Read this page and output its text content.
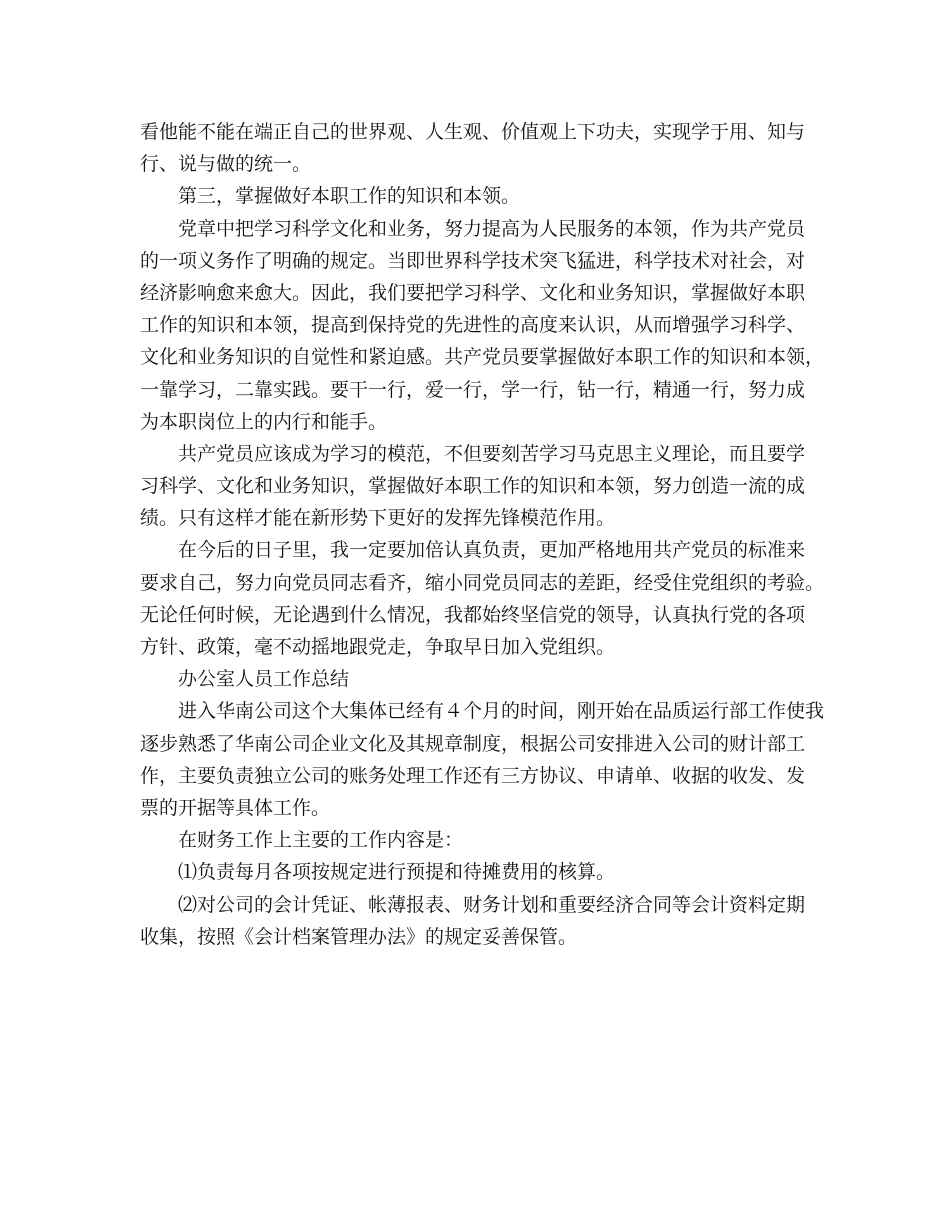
看他能不能在端正自己的世界观、人生观、价值观上下功夫，实现学于用、知与
行、说与做的统一。
第三，掌握做好本职工作的知识和本领。
党章中把学习科学文化和业务，努力提高为人民服务的本领，作为共产党员
的一项义务作了明确的规定。当即世界科学技术突飞猛进，科学技术对社会，对
经济影响愈来愈大。因此，我们要把学习科学、文化和业务知识，掌握做好本职
工作的知识和本领，提高到保持党的先进性的高度来认识，从而增强学习科学、
文化和业务知识的自觉性和紧迫感。共产党员要掌握做好本职工作的知识和本领，
一靠学习，二靠实践。要干一行，爱一行，学一行，钻一行，精通一行，努力成
为本职岗位上的内行和能手。
共产党员应该成为学习的模范，不但要刻苦学习马克思主义理论，而且要学
习科学、文化和业务知识，掌握做好本职工作的知识和本领，努力创造一流的成
绩。只有这样才能在新形势下更好的发挥先锋模范作用。
在今后的日子里，我一定要加倍认真负责，更加严格地用共产党员的标准来
要求自己，努力向党员同志看齐，缩小同党员同志的差距，经受住党组织的考验。
无论任何时候，无论遇到什么情况，我都始终坚信党的领导，认真执行党的各项
方针、政策，毫不动摇地跟党走，争取早日加入党组织。
办公室人员工作总结
进入华南公司这个大集体已经有４个月的时间，刚开始在品质运行部工作使我
逐步熟悉了华南公司企业文化及其规章制度，根据公司安排进入公司的财计部工
作，主要负责独立公司的账务处理工作还有三方协议、申请单、收据的收发、发
票的开据等具体工作。
在财务工作上主要的工作内容是：
⑴负责每月各项按规定进行预提和待摊费用的核算。
⑵对公司的会计凭证、帐薄报表、财务计划和重要经济合同等会计资料定期
收集，按照《会计档案管理办法》的规定妥善保管。
